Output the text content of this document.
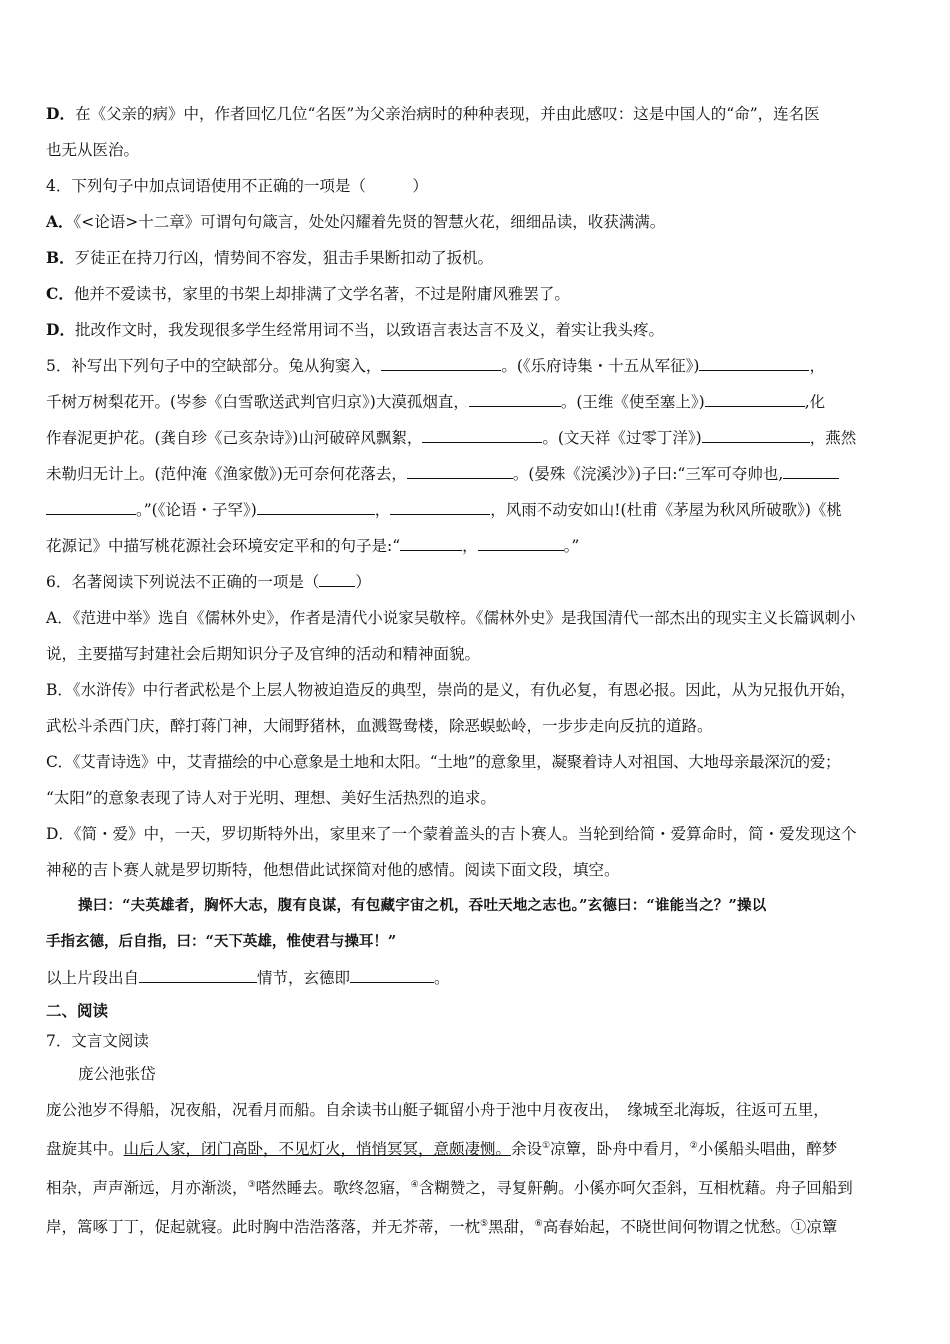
D．在《父亲的病》中，作者回忆几位“名医”为父亲治病时的种种表现，并由此感叹：这是中国人的“命”，连名医

也无从医治。

4．下列句子中加点词语使用不正确的一项是（　　　）

A．《<论语>十二章》可谓句句箴言，处处闪耀着先贤的智慧火花，细细品读，收获满满。

B．歹徒正在持刀行凶，情势间不容发，狙击手果断扣动了扳机。

C．他并不爱读书，家里的书架上却排满了文学名著，不过是附庸风雅罢了。

D．批改作文时，我发现很多学生经常用词不当，以致语言表达言不及义，着实让我头疼。

5．补写出下列句子中的空缺部分。兔从狗窦入，	。(《乐府诗集・十五从军征》)	，

千树万树梨花开。(岑参《白雪歌送武判官归京》)大漠孤烟直，	。(王维《使至塞上》)	,化

作春泥更护花。(龚自珍《己亥杂诗》)山河破碎风飘絮，	。(文天祥《过零丁洋》)	，燕然

未勒归无计上。(范仲淹《渔家傲》)无可奈何花落去，	。(晏殊《浣溪沙》)子曰:“三军可夺帅也,

。”(《论语・子罕》)	，	，风雨不动安如山!(杜甫《茅屋为秋风所破歌》)《桃

花源记》中描写桃花源社会环境安定平和的句子是:“	，	。”

6．名著阅读下列说法不正确的一项是（ ）

A．《范进中举》选自《儒林外史》，作者是清代小说家吴敬梓。《儒林外史》是我国清代一部杰出的现实主义长篇讽刺小

说，主要描写封建社会后期知识分子及官绅的活动和精神面貌。

B．《水浒传》中行者武松是个上层人物被迫造反的典型，崇尚的是义，有仇必复，有恩必报。因此，从为兄报仇开始，

武松斗杀西门庆，醉打蒋门神，大闹野猪林，血溅鸳鸯楼，除恶蜈蚣岭，一步步走向反抗的道路。

C．《艾青诗选》中，艾青描绘的中心意象是土地和太阳。“土地”的意象里，凝聚着诗人对祖国、大地母亲最深沉的爱；

“太阳”的意象表现了诗人对于光明、理想、美好生活热烈的追求。

D．《简・爱》中，一天，罗切斯特外出，家里来了一个蒙着盖头的吉卜赛人。当轮到给简・爱算命时，简・爱发现这个

神秘的吉卜赛人就是罗切斯特，他想借此试探简对他的感情。阅读下面文段，填空。

操曰：“夫英雄者，胸怀大志，腹有良谋，有包藏宇宙之机，吞吐天地之志也。”玄德曰：“谁能当之？”操以

手指玄德，后自指，曰：“天下英雄，惟使君与操耳！”

以上片段出自	情节，玄德即	。

二、阅读

7．文言文阅读

庞公池张岱

庞公池岁不得船，况夜船，况看月而船。自余读书山艇子辄留小舟于池中月夜夜出，　缘城至北海坂，往返可五里，

盘旋其中。山后人家，闭门高卧，不见灯火，悄悄冥冥，意颇凄恻。余设①凉簟，卧舟中看月，②小傒船头唱曲，醉梦

相杂，声声渐远，月亦渐淡，③嗒然睡去。歌终忽寤，④含糊赞之，寻复鼾齁。小傒亦呵欠歪斜，互相枕藉。舟子回船到

岸，篙啄丁丁，促起就寝。此时胸中浩浩落落，并无芥蒂，一枕⑤黑甜，⑥高春始起，不晓世间何物谓之忧愁。①凉簟
